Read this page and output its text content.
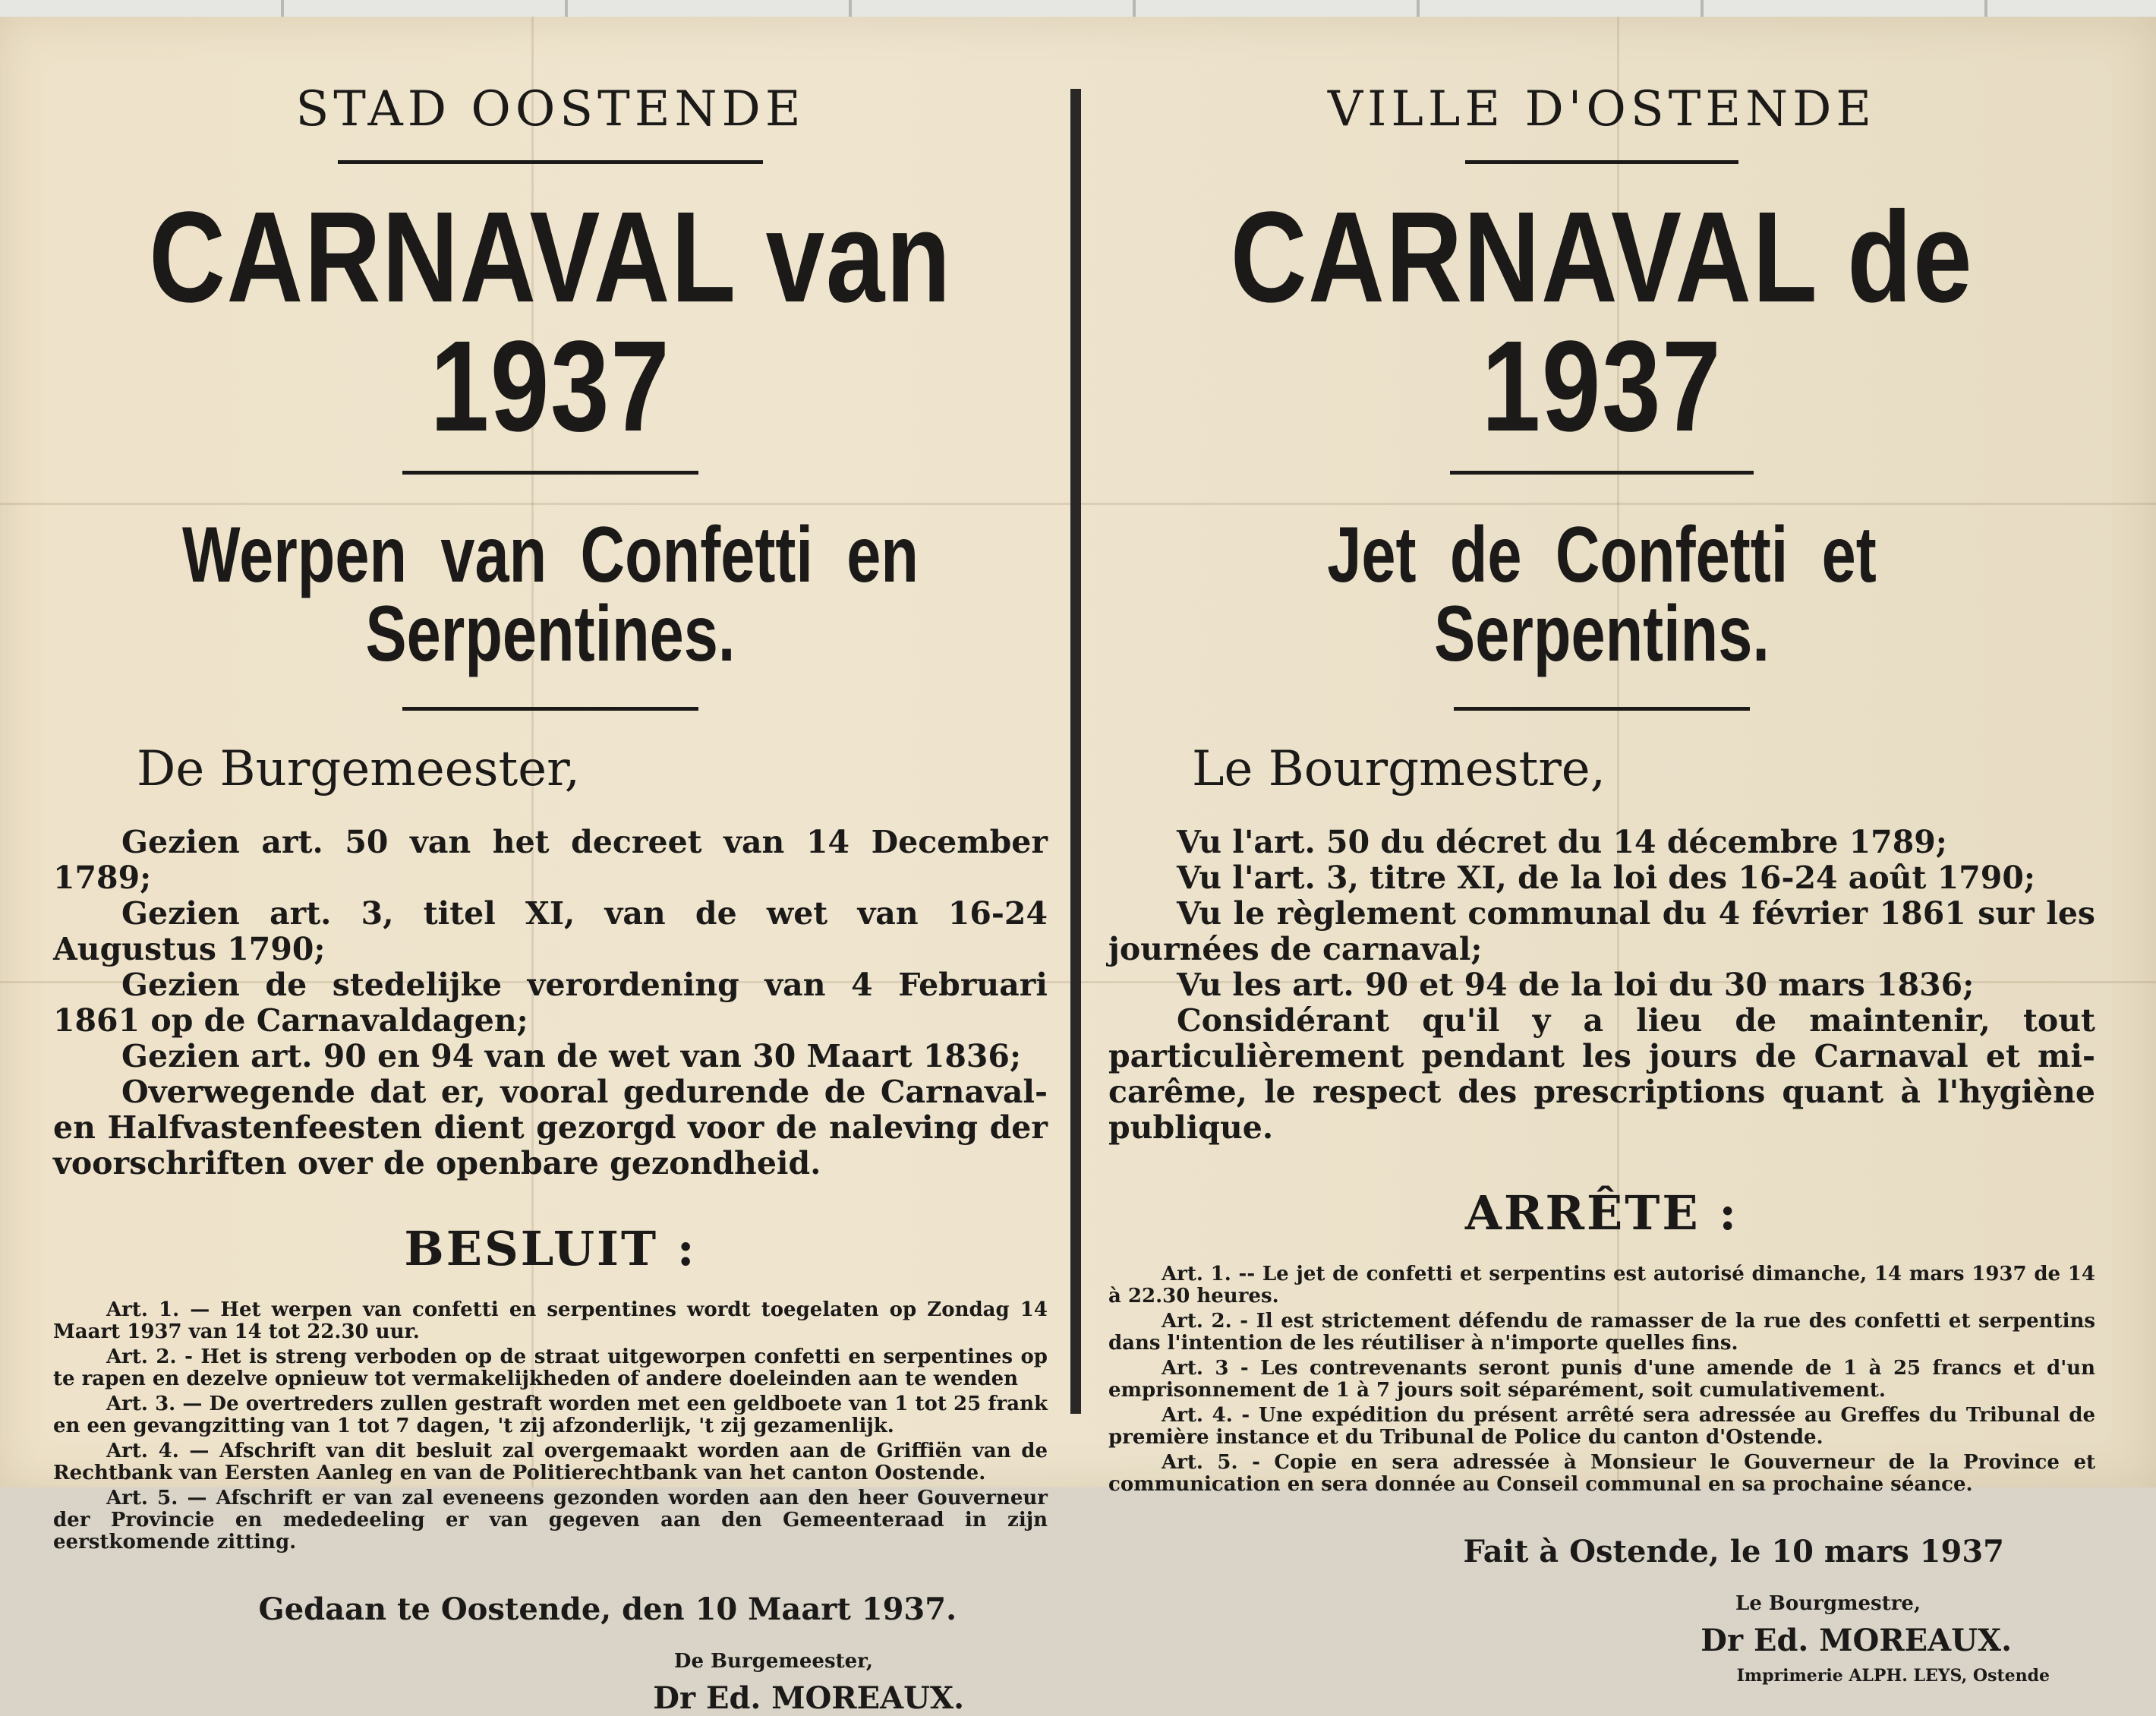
STAD OOSTENDE
CARNAVAL van 1937
Werpen van Confetti en Serpentines.
De Burgemeester,

Gezien art. 50 van het decreet van 14 December 1789;

Gezien art. 3, titel XI, van de wet van 16-24 Augustus 1790;

Gezien de stedelijke verordening van 4 Februari 1861 op de Carnavaldagen;

Gezien art. 90 en 94 van de wet van 30 Maart 1836;

Overwegende dat er, vooral gedurende de Carnaval- en Halfvastenfeesten dient gezorgd voor de naleving der voorschriften over de openbare gezondheid.

BESLUIT :

Art. 1. — Het werpen van confetti en serpentines wordt toegelaten op Zondag 14 Maart 1937 van 14 tot 22.30 uur.

Art. 2. - Het is streng verboden op de straat uitgeworpen confetti en serpentines op te rapen en dezelve opnieuw tot vermakelijkheden of andere doeleinden aan te wenden

Art. 3. — De overtreders zullen gestraft worden met een geldboete van 1 tot 25 frank en een gevangzitting van 1 tot 7 dagen, 't zij afzonderlijk, 't zij gezamenlijk.

Art. 4. — Afschrift van dit besluit zal overgemaakt worden aan de Griffiën van de Rechtbank van Eersten Aanleg en van de Politierechtbank van het canton Oostende.

Art. 5. — Afschrift er van zal eveneens gezonden worden aan den heer Gouverneur der Provincie en mededeeling er van gegeven aan den Gemeenteraad in zijn eerstkomende zitting.

Gedaan te Oostende, den 10 Maart 1937.
De Burgemeester,
Dr Ed. MOREAUX.
VILLE D'OSTENDE
CARNAVAL de 1937
Jet de Confetti et Serpentins.
Le Bourgmestre,

Vu l'art. 50 du décret du 14 décembre 1789;

Vu l'art. 3, titre XI, de la loi des 16-24 août 1790;

Vu le règlement communal du 4 février 1861 sur les journées de carnaval;

Vu les art. 90 et 94 de la loi du 30 mars 1836;

Considérant qu'il y a lieu de maintenir, tout particulièrement pendant les jours de Carnaval et mi-carême, le respect des prescriptions quant à l'hygiène publique.

ARRÊTE :

Art. 1. -- Le jet de confetti et serpentins est autorisé dimanche, 14 mars 1937 de 14 à 22.30 heures.

Art. 2. - Il est strictement défendu de ramasser de la rue des confetti et serpentins dans l'intention de les réutiliser à n'importe quelles fins.

Art. 3 - Les contrevenants seront punis d'une amende de 1 à 25 francs et d'un emprisonnement de 1 à 7 jours soit séparément, soit cumulativement.

Art. 4. - Une expédition du présent arrêté sera adressée au Greffes du Tribunal de première instance et du Tribunal de Police du canton d'Ostende.

Art. 5. - Copie en sera adressée à Monsieur le Gouverneur de la Province et communication en sera donnée au Conseil communal en sa prochaine séance.

Fait à Ostende, le 10 mars 1937
Le Bourgmestre,
Dr Ed. MOREAUX.
Imprimerie ALPH. LEYS, Ostende
